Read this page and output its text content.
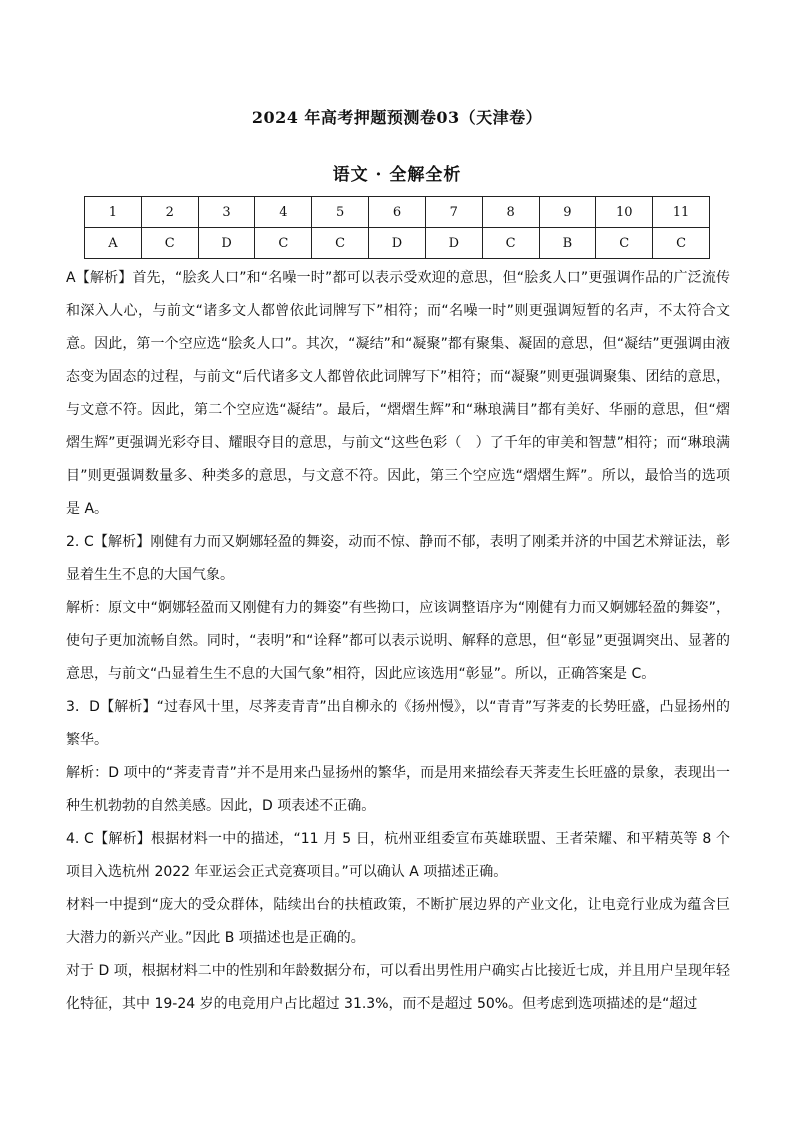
2024 年高考押题预测卷03（天津卷）
语文 · 全解全析
1	2	3	4	5	6	7	8	9	10	11
A	C	D	C	C	D	D	C	B	C	C

A【解析】首先，“脍炙人口”和“名噪一时”都可以表示受欢迎的意思，但“脍炙人口”更强调作品的广泛流传和深入人心，与前文“诸多文人都曾依此词牌写下”相符；而“名噪一时”则更强调短暂的名声，不太符合文意。因此，第一个空应选“脍炙人口”。其次，“凝结”和“凝聚”都有聚集、凝固的意思，但“凝结”更强调由液态变为固态的过程，与前文“后代诸多文人都曾依此词牌写下”相符；而“凝聚”则更强调聚集、团结的意思，与文意不符。因此，第二个空应选“凝结”。最后，“熠熠生辉”和“琳琅满目”都有美好、华丽的意思，但“熠熠生辉”更强调光彩夺目、耀眼夺目的意思，与前文“这些色彩（　）了千年的审美和智慧”相符；而“琳琅满目”则更强调数量多、种类多的意思，与文意不符。因此，第三个空应选“熠熠生辉”。所以，最恰当的选项是 A。

2. C【解析】刚健有力而又婀娜轻盈的舞姿，动而不惊、静而不郁，表明了刚柔并济的中国艺术辩证法，彰显着生生不息的大国气象。

解析：原文中“婀娜轻盈而又刚健有力的舞姿”有些拗口，应该调整语序为“刚健有力而又婀娜轻盈的舞姿”，使句子更加流畅自然。同时，“表明”和“诠释”都可以表示说明、解释的意思，但“彰显”更强调突出、显著的意思，与前文“凸显着生生不息的大国气象”相符，因此应该选用“彰显”。所以，正确答案是 C。

3．D【解析】“过春风十里，尽荠麦青青”出自柳永的《扬州慢》，以“青青”写荠麦的长势旺盛，凸显扬州的繁华。

解析：D 项中的“荠麦青青”并不是用来凸显扬州的繁华，而是用来描绘春天荠麦生长旺盛的景象，表现出一种生机勃勃的自然美感。因此，D 项表述不正确。

4. C【解析】根据材料一中的描述，“11 月 5 日，杭州亚组委宣布英雄联盟、王者荣耀、和平精英等 8 个项目入选杭州 2022 年亚运会正式竞赛项目。”可以确认 A 项描述正确。

材料一中提到“庞大的受众群体，陆续出台的扶植政策，不断扩展边界的产业文化，让电竞行业成为蕴含巨大潜力的新兴产业。”因此 B 项描述也是正确的。

对于 D 项，根据材料二中的性别和年龄数据分布，可以看出男性用户确实占比接近七成，并且用户呈现年轻化特征，其中 19-24 岁的电竞用户占比超过 31.3%，而不是超过 50%。但考虑到选项描述的是“超过
